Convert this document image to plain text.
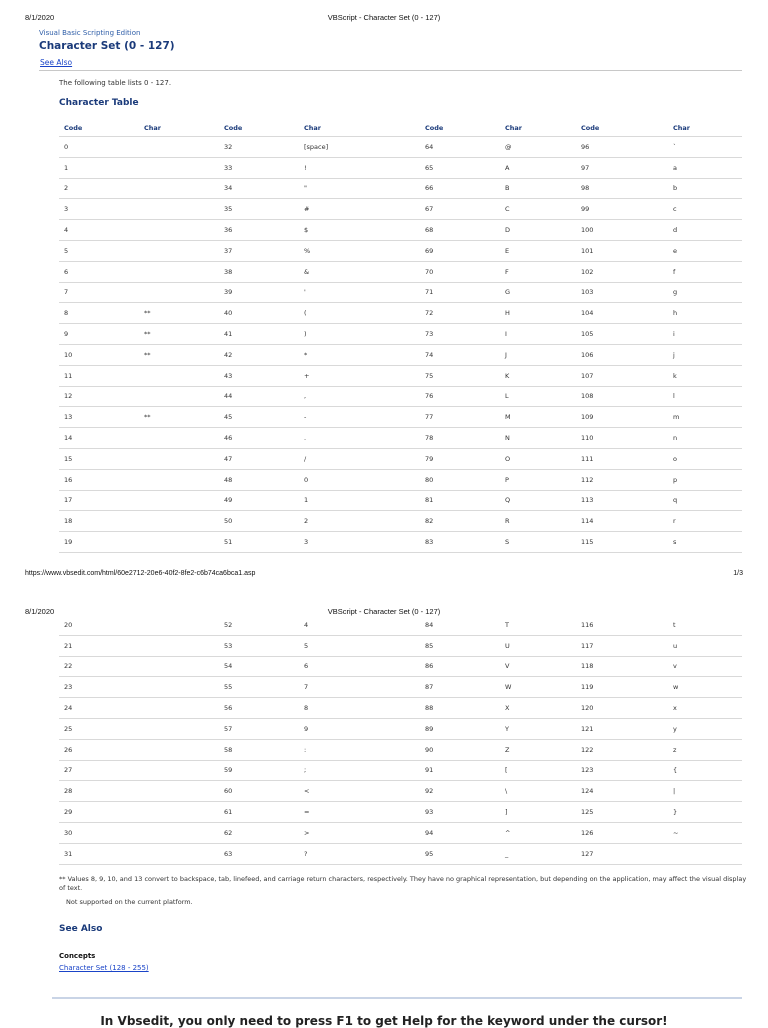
8/1/2020	VBScript - Character Set (0 - 127)
Visual Basic Scripting Edition
Character Set (0 - 127)
See Also
The following table lists 0 - 127.
Character Table
Code	Char	Code	Char	Code	Char	Code	Char
0		32	[space]	64	@	96	`
1		33	!	65	A	97	a
2		34	"	66	B	98	b
3		35	#	67	C	99	c
4		36	$	68	D	100	d
5		37	%	69	E	101	e
6		38	&	70	F	102	f
7		39	'	71	G	103	g
8	**	40	(	72	H	104	h
9	**	41	)	73	I	105	i
10	**	42	*	74	J	106	j
11		43	+	75	K	107	k
12		44	,	76	L	108	l
13	**	45	-	77	M	109	m
14		46	.	78	N	110	n
15		47	/	79	O	111	o
16		48	0	80	P	112	p
17		49	1	81	Q	113	q
18		50	2	82	R	114	r
19		51	3	83	S	115	s
https://www.vbsedit.com/html/60e2712-20e6-40f2-8fe2-c6b74ca6bca1.asp	1/3
8/1/2020	VBScript - Character Set (0 - 127)
20		52	4	84	T	116	t
21		53	5	85	U	117	u
22		54	6	86	V	118	v
23		55	7	87	W	119	w
24		56	8	88	X	120	x
25		57	9	89	Y	121	y
26		58	:	90	Z	122	z
27		59	;	91	[	123	{
28		60	<	92	\	124	|
29		61	=	93	]	125	}
30		62	>	94	^	126	~
31		63	?	95	_	127	
** Values 8, 9, 10, and 13 convert to backspace, tab, linefeed, and carriage return characters, respectively. They have no graphical representation, but depending on the application, may affect the visual display of text.
Not supported on the current platform.
See Also
Concepts
Character Set (128 - 255)
In Vbsedit, you only need to press F1 to get Help for the keyword under the cursor!
